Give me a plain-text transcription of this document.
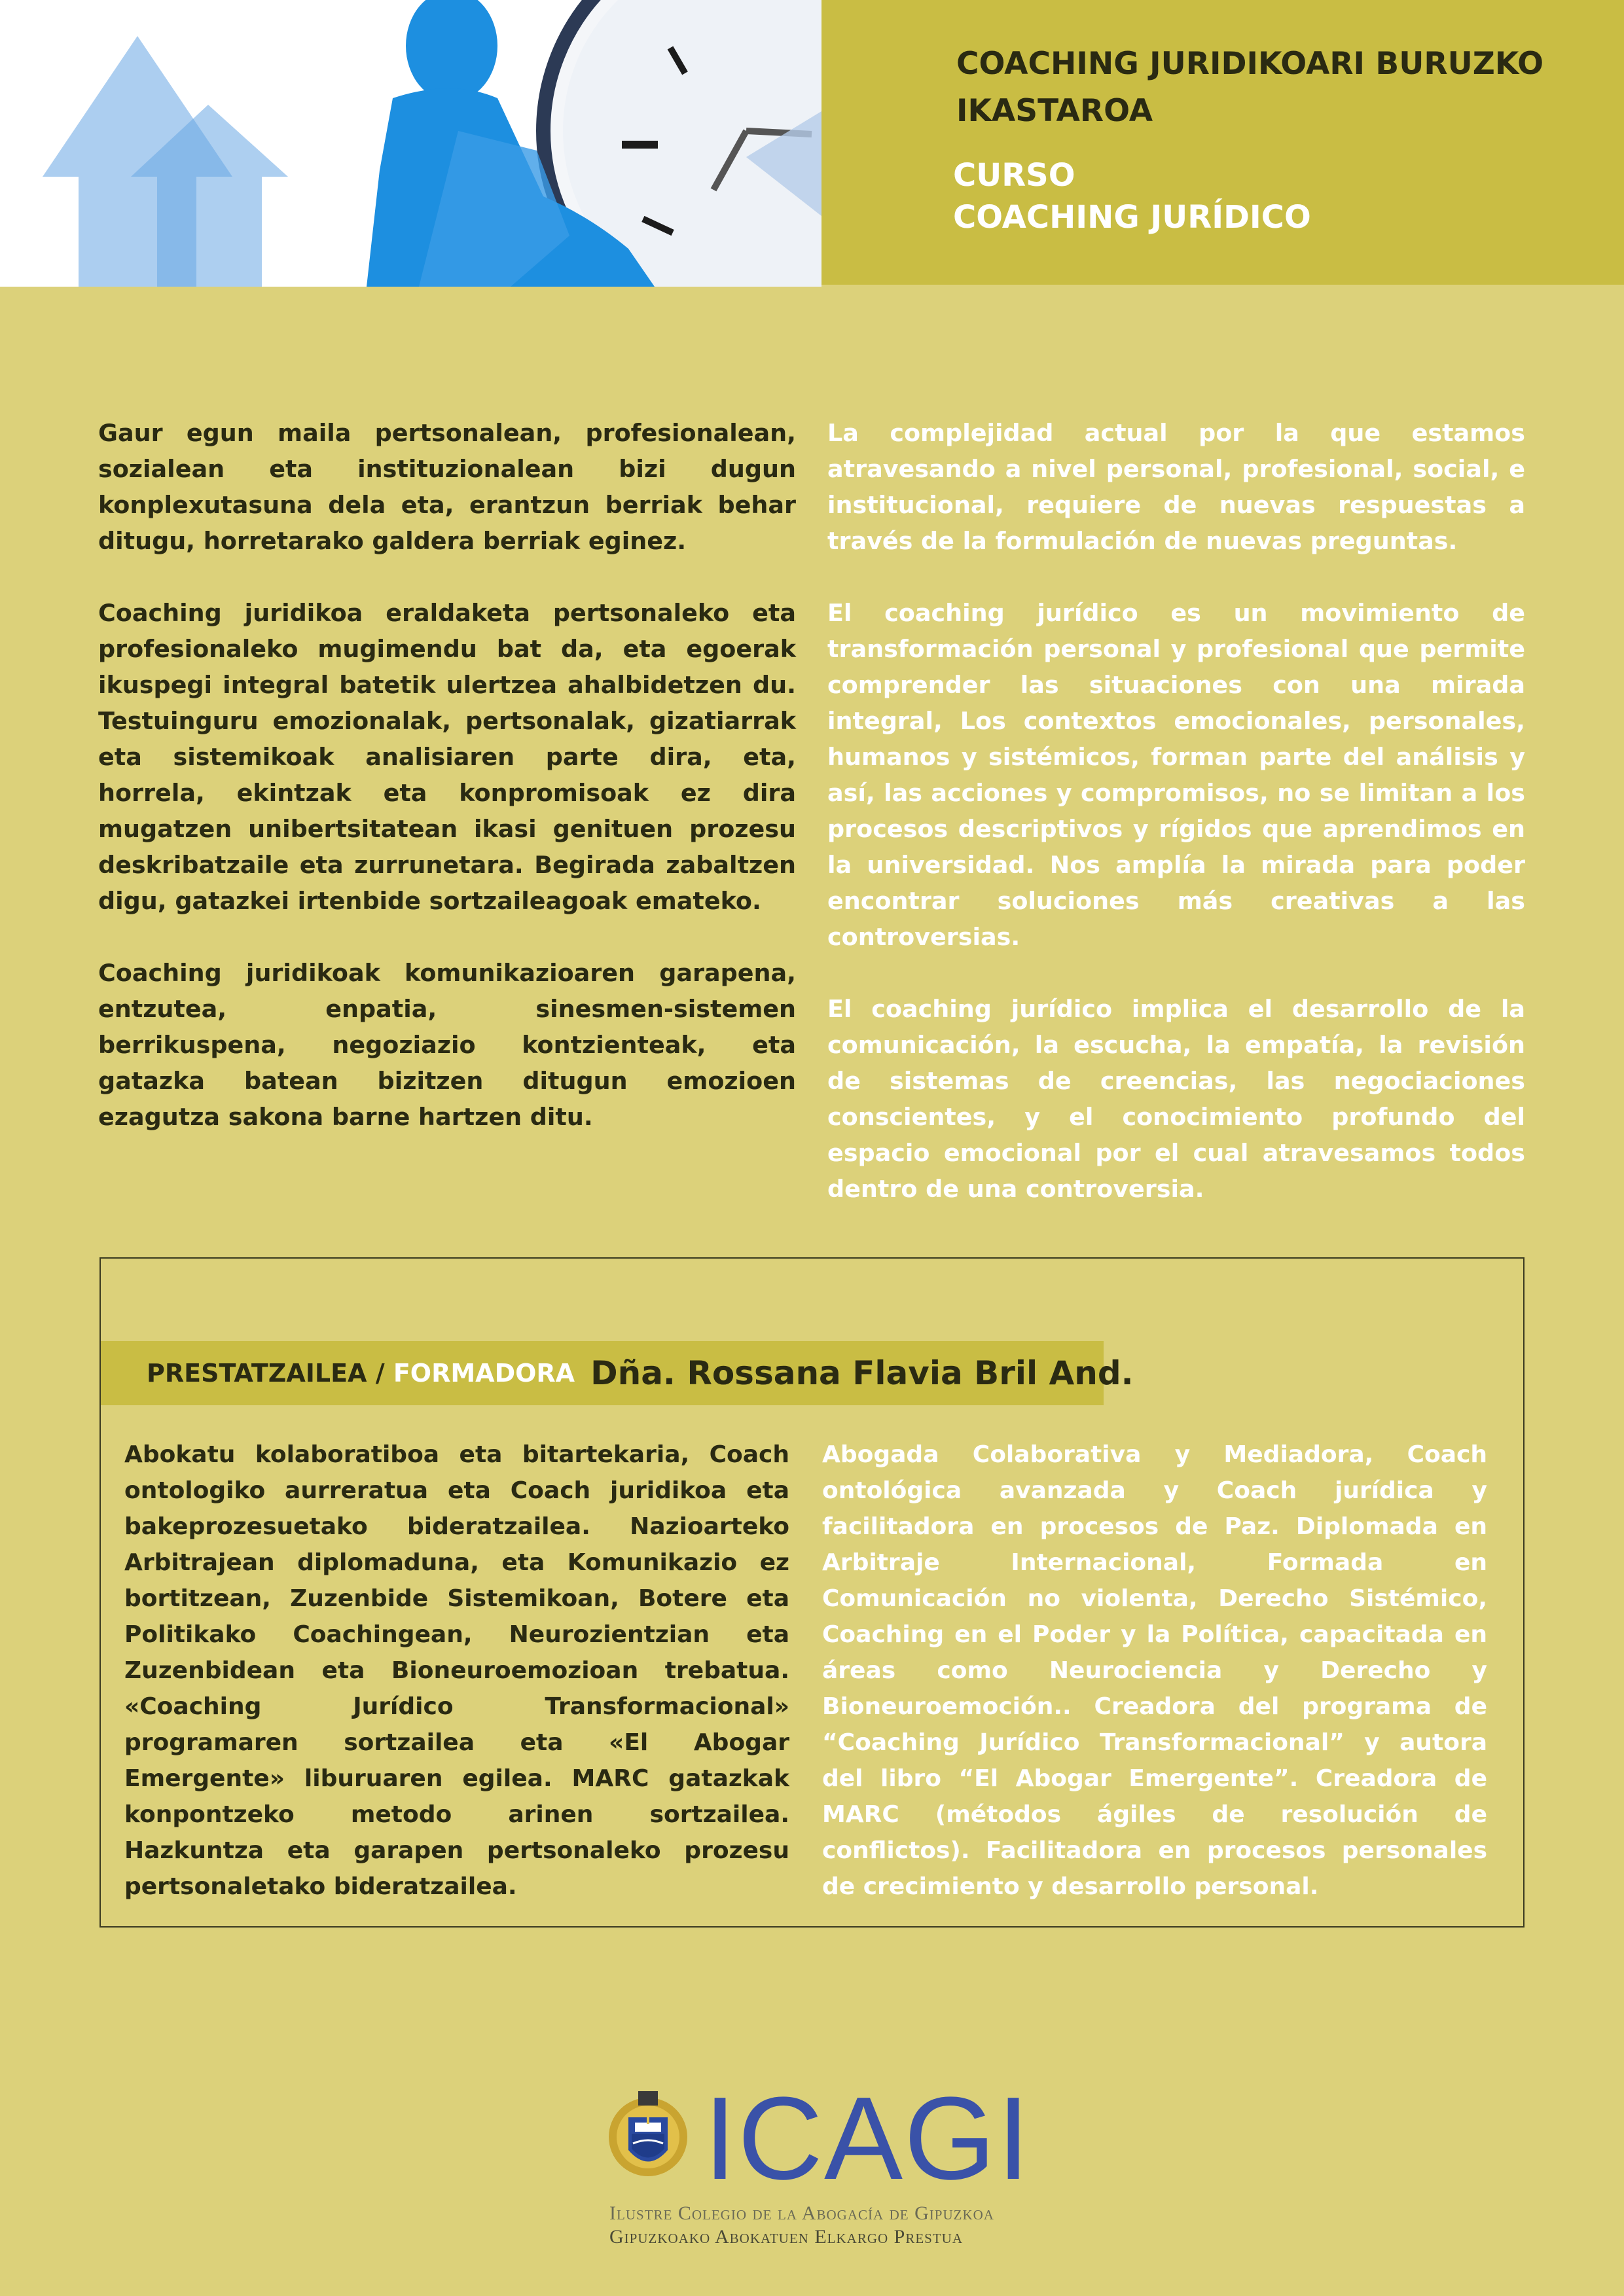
COACHING JURIDIKOARI BURUZKO IKASTAROA
CURSO
COACHING JURÍDICO

Gaur egun maila pertsonalean, profesionalean, sozialean eta instituzionalean bizi dugun konplexutasuna dela eta, erantzun berriak behar ditugu, horretarako galdera berriak eginez.

Coaching juridikoa eraldaketa pertsonaleko eta profesionaleko mugimendu bat da, eta egoerak ikuspegi integral batetik ulertzea ahalbidetzen du. Testuinguru emozionalak, pertsonalak, gizatiarrak eta sistemikoak analisiaren parte dira, eta, horrela, ekintzak eta konpromisoak ez dira mugatzen unibertsitatean ikasi genituen prozesu deskribatzaile eta zurrunetara. Begirada zabaltzen digu, gatazkei irtenbide sortzaileagoak emateko.

Coaching juridikoak komunikazioaren garapena, entzutea, enpatia, sinesmen-sistemen berrikuspena, negoziazio kontzienteak, eta gatazka batean bizitzen ditugun emozioen ezagutza sakona barne hartzen ditu.

La complejidad actual por la que estamos atravesando a nivel personal, profesional, social, e institucional, requiere de nuevas respuestas a través de la formulación de nuevas preguntas.

El coaching jurídico es un movimiento de transformación personal y profesional que permite comprender las situaciones con una mirada integral, Los contextos emocionales, personales, humanos y sistémicos, forman parte del análisis y así, las acciones y compromisos, no se limitan a los procesos descriptivos y rígidos que aprendimos en la universidad. Nos amplía la mirada para poder encontrar soluciones más creativas a las controversias.

El coaching jurídico implica el desarrollo de la comunicación, la escucha, la empatía, la revisión de sistemas de creencias, las negociaciones conscientes, y el conocimiento profundo del espacio emocional por el cual atravesamos todos dentro de una controversia.

PRESTATZAILEA / FORMADORA Dña. Rossana Flavia Bril And.

Abokatu kolaboratiboa eta bitartekaria, Coach ontologiko aurreratua eta Coach juridikoa eta bakeprozesuetako bideratzailea. Nazioarteko Arbitrajean diplomaduna, eta Komunikazio ez bortitzean, Zuzenbide Sistemikoan, Botere eta Politikako Coachingean, Neurozientzian eta Zuzenbidean eta Bioneuroemozioan trebatua. «Coaching Jurídico Transformacional» programaren sortzailea eta «El Abogar Emergente» liburuaren egilea. MARC gatazkak konpontzeko metodo arinen sortzailea. Hazkuntza eta garapen pertsonaleko prozesu pertsonaletako bideratzailea.

Abogada Colaborativa y Mediadora, Coach ontológica avanzada y Coach jurídica y facilitadora en procesos de Paz. Diplomada en Arbitraje Internacional, Formada en Comunicación no violenta, Derecho Sistémico, Coaching en el Poder y la Política, capacitada en áreas como Neurociencia y Derecho y Bioneuroemoción.. Creadora del programa de “Coaching Jurídico Transformacional” y autora del libro “El Abogar Emergente”. Creadora de MARC (métodos ágiles de resolución de conflictos). Facilitadora en procesos personales de crecimiento y desarrollo personal.

ICAGI
Ilustre Colegio de la Abogacía de Gipuzkoa
Gipuzkoako Abokatuen Elkargo Prestua
